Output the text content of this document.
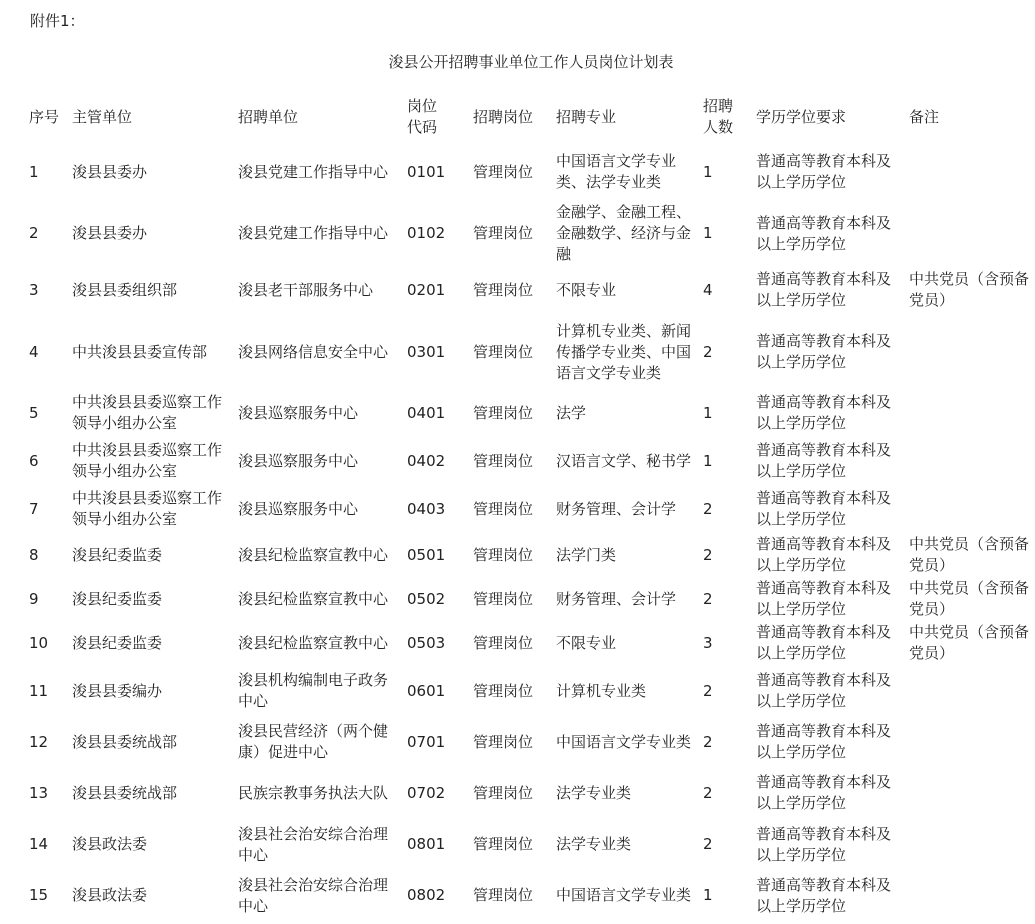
附件1：
浚县公开招聘事业单位工作人员岗位计划表
序号	主管单位	招聘单位	岗位代码	招聘岗位	招聘专业	招聘人数	学历学位要求	备注
1	浚县县委办	浚县党建工作指导中心	0101	管理岗位	中国语言文学专业类、法学专业类	1	普通高等教育本科及以上学历学位	
2	浚县县委办	浚县党建工作指导中心	0102	管理岗位	金融学、金融工程、金融数学、经济与金融	1	普通高等教育本科及以上学历学位	
3	浚县县委组织部	浚县老干部服务中心	0201	管理岗位	不限专业	4	普通高等教育本科及以上学历学位	中共党员（含预备党员）
4	中共浚县县委宣传部	浚县网络信息安全中心	0301	管理岗位	计算机专业类、新闻传播学专业类、中国语言文学专业类	2	普通高等教育本科及以上学历学位	
5	中共浚县县委巡察工作领导小组办公室	浚县巡察服务中心	0401	管理岗位	法学	1	普通高等教育本科及以上学历学位	
6	中共浚县县委巡察工作领导小组办公室	浚县巡察服务中心	0402	管理岗位	汉语言文学、秘书学	1	普通高等教育本科及以上学历学位	
7	中共浚县县委巡察工作领导小组办公室	浚县巡察服务中心	0403	管理岗位	财务管理、会计学	2	普通高等教育本科及以上学历学位	
8	浚县纪委监委	浚县纪检监察宣教中心	0501	管理岗位	法学门类	2	普通高等教育本科及以上学历学位	中共党员（含预备党员）
9	浚县纪委监委	浚县纪检监察宣教中心	0502	管理岗位	财务管理、会计学	2	普通高等教育本科及以上学历学位	中共党员（含预备党员）
10	浚县纪委监委	浚县纪检监察宣教中心	0503	管理岗位	不限专业	3	普通高等教育本科及以上学历学位	中共党员（含预备党员）
11	浚县县委编办	浚县机构编制电子政务中心	0601	管理岗位	计算机专业类	2	普通高等教育本科及以上学历学位	
12	浚县县委统战部	浚县民营经济（两个健康）促进中心	0701	管理岗位	中国语言文学专业类	2	普通高等教育本科及以上学历学位	
13	浚县县委统战部	民族宗教事务执法大队	0702	管理岗位	法学专业类	2	普通高等教育本科及以上学历学位	
14	浚县政法委	浚县社会治安综合治理中心	0801	管理岗位	法学专业类	2	普通高等教育本科及以上学历学位	
15	浚县政法委	浚县社会治安综合治理中心	0802	管理岗位	中国语言文学专业类	1	普通高等教育本科及以上学历学位	
